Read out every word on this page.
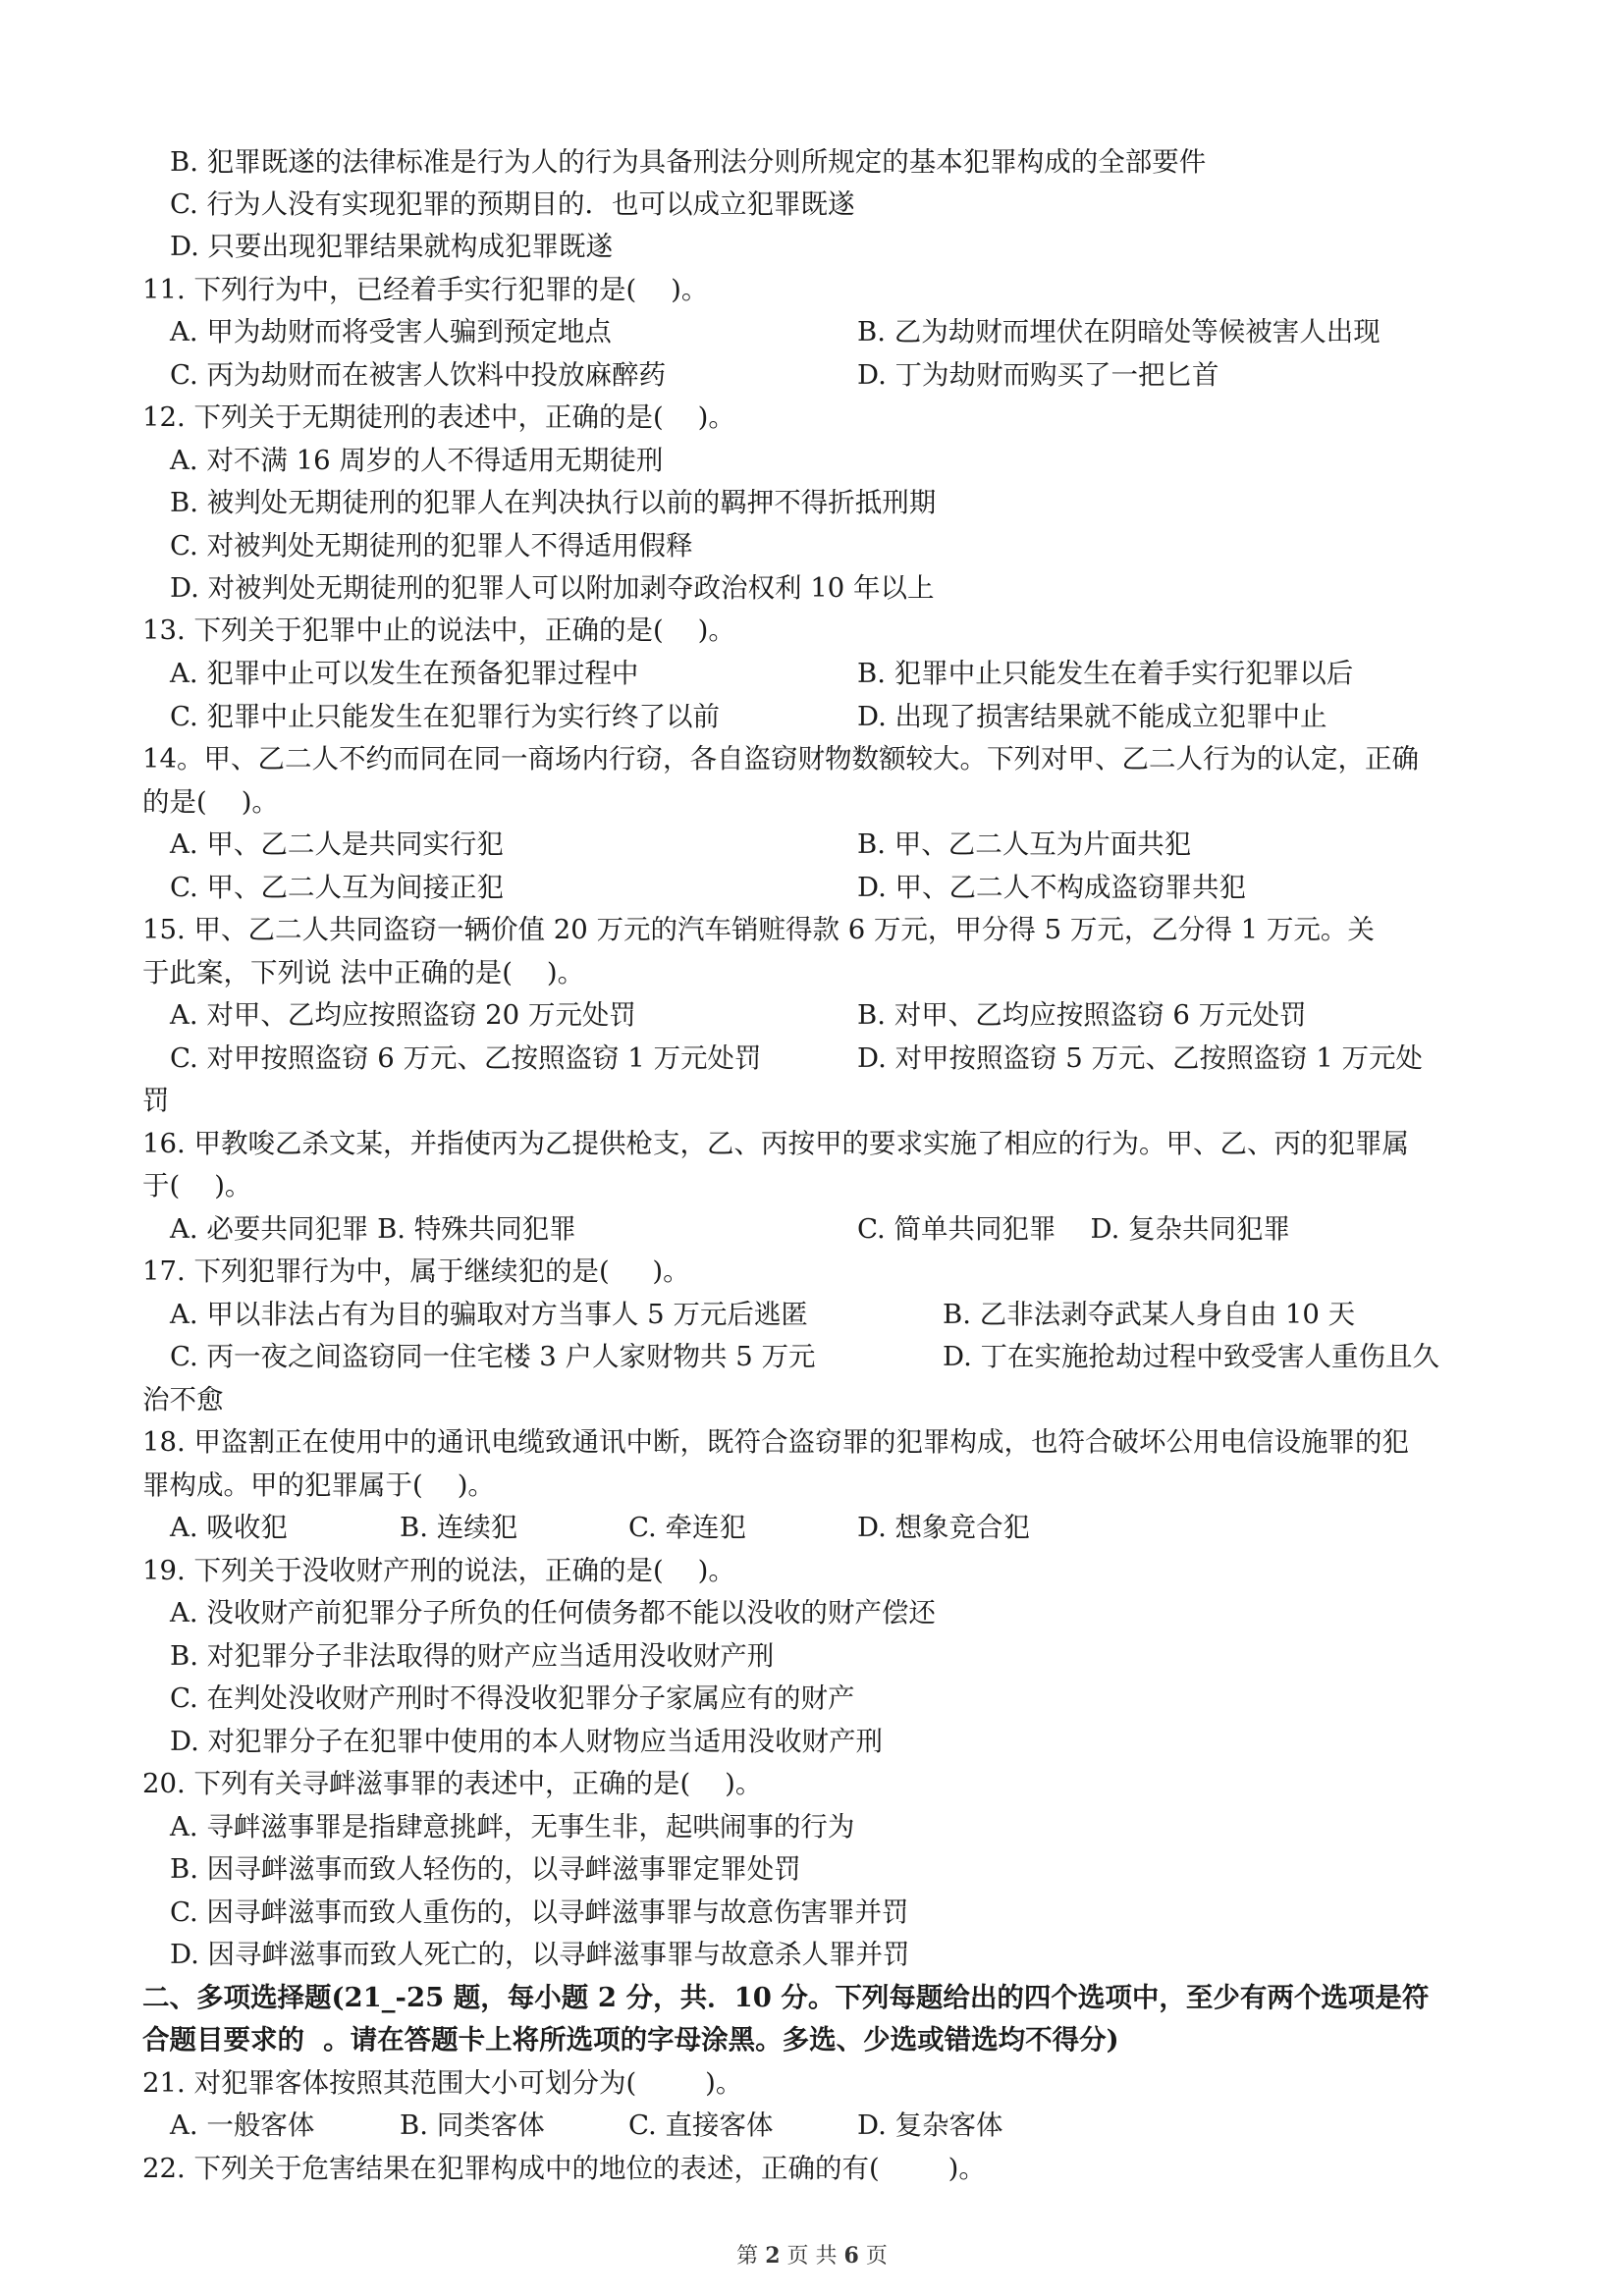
B. 犯罪既遂的法律标准是行为人的行为具备刑法分则所规定的基本犯罪构成的全部要件
C. 行为人没有实现犯罪的预期目的．也可以成立犯罪既遂
D. 只要出现犯罪结果就构成犯罪既遂
11. 下列行为中，已经着手实行犯罪的是(    )。
A. 甲为劫财而将受害人骗到预定地点	B. 乙为劫财而埋伏在阴暗处等候被害人出现
C. 丙为劫财而在被害人饮料中投放麻醉药	D. 丁为劫财而购买了一把匕首
12. 下列关于无期徒刑的表述中，正确的是(    )。
A. 对不满 16 周岁的人不得适用无期徒刑
B. 被判处无期徒刑的犯罪人在判决执行以前的羁押不得折抵刑期
C. 对被判处无期徒刑的犯罪人不得适用假释
D. 对被判处无期徒刑的犯罪人可以附加剥夺政治权利 10 年以上
13. 下列关于犯罪中止的说法中，正确的是(    )。
A. 犯罪中止可以发生在预备犯罪过程中	B. 犯罪中止只能发生在着手实行犯罪以后
C. 犯罪中止只能发生在犯罪行为实行终了以前	D. 出现了损害结果就不能成立犯罪中止
14。甲、乙二人不约而同在同一商场内行窃，各自盗窃财物数额较大。下列对甲、乙二人行为的认定，正确
的是(    )。
A. 甲、乙二人是共同实行犯	B. 甲、乙二人互为片面共犯
C. 甲、乙二人互为间接正犯	D. 甲、乙二人不构成盗窃罪共犯
15. 甲、乙二人共同盗窃一辆价值 20 万元的汽车销赃得款 6 万元，甲分得 5 万元，乙分得 1 万元。关
于此案，下列说 法中正确的是(    )。
A. 对甲、乙均应按照盗窃 20 万元处罚	B. 对甲、乙均应按照盗窃 6 万元处罚
C. 对甲按照盗窃 6 万元、乙按照盗窃 1 万元处罚	D. 对甲按照盗窃 5 万元、乙按照盗窃 1 万元处
罚
16. 甲教唆乙杀文某，并指使丙为乙提供枪支，乙、丙按甲的要求实施了相应的行为。甲、乙、丙的犯罪属
于(    )。
A. 必要共同犯罪 B. 特殊共同犯罪	C. 简单共同犯罪    D. 复杂共同犯罪
17. 下列犯罪行为中，属于继续犯的是(     )。
A. 甲以非法占有为目的骗取对方当事人 5 万元后逃匿	B. 乙非法剥夺武某人身自由 10 天
C. 丙一夜之间盗窃同一住宅楼 3 户人家财物共 5 万元	D. 丁在实施抢劫过程中致受害人重伤且久
治不愈
18. 甲盗割正在使用中的通讯电缆致通讯中断，既符合盗窃罪的犯罪构成，也符合破坏公用电信设施罪的犯
罪构成。甲的犯罪属于(    )。
A. 吸收犯	B. 连续犯	C. 牵连犯	D. 想象竞合犯
19. 下列关于没收财产刑的说法，正确的是(    )。
A. 没收财产前犯罪分子所负的任何债务都不能以没收的财产偿还
B. 对犯罪分子非法取得的财产应当适用没收财产刑
C. 在判处没收财产刑时不得没收犯罪分子家属应有的财产
D. 对犯罪分子在犯罪中使用的本人财物应当适用没收财产刑
20. 下列有关寻衅滋事罪的表述中，正确的是(    )。
A. 寻衅滋事罪是指肆意挑衅，无事生非，起哄闹事的行为
B. 因寻衅滋事而致人轻伤的，以寻衅滋事罪定罪处罚
C. 因寻衅滋事而致人重伤的，以寻衅滋事罪与故意伤害罪并罚
D. 因寻衅滋事而致人死亡的，以寻衅滋事罪与故意杀人罪并罚
二、多项选择题(21_-25 题，每小题 2 分，共．10 分。下列每题给出的四个选项中，至少有两个选项是符
合题目要求的  。请在答题卡上将所选项的字母涂黑。多选、少选或错选均不得分)
21. 对犯罪客体按照其范围大小可划分为(        )。
A. 一般客体	B. 同类客体	C. 直接客体	D. 复杂客体
22. 下列关于危害结果在犯罪构成中的地位的表述，正确的有(        )。
第 2 页 共 6 页
